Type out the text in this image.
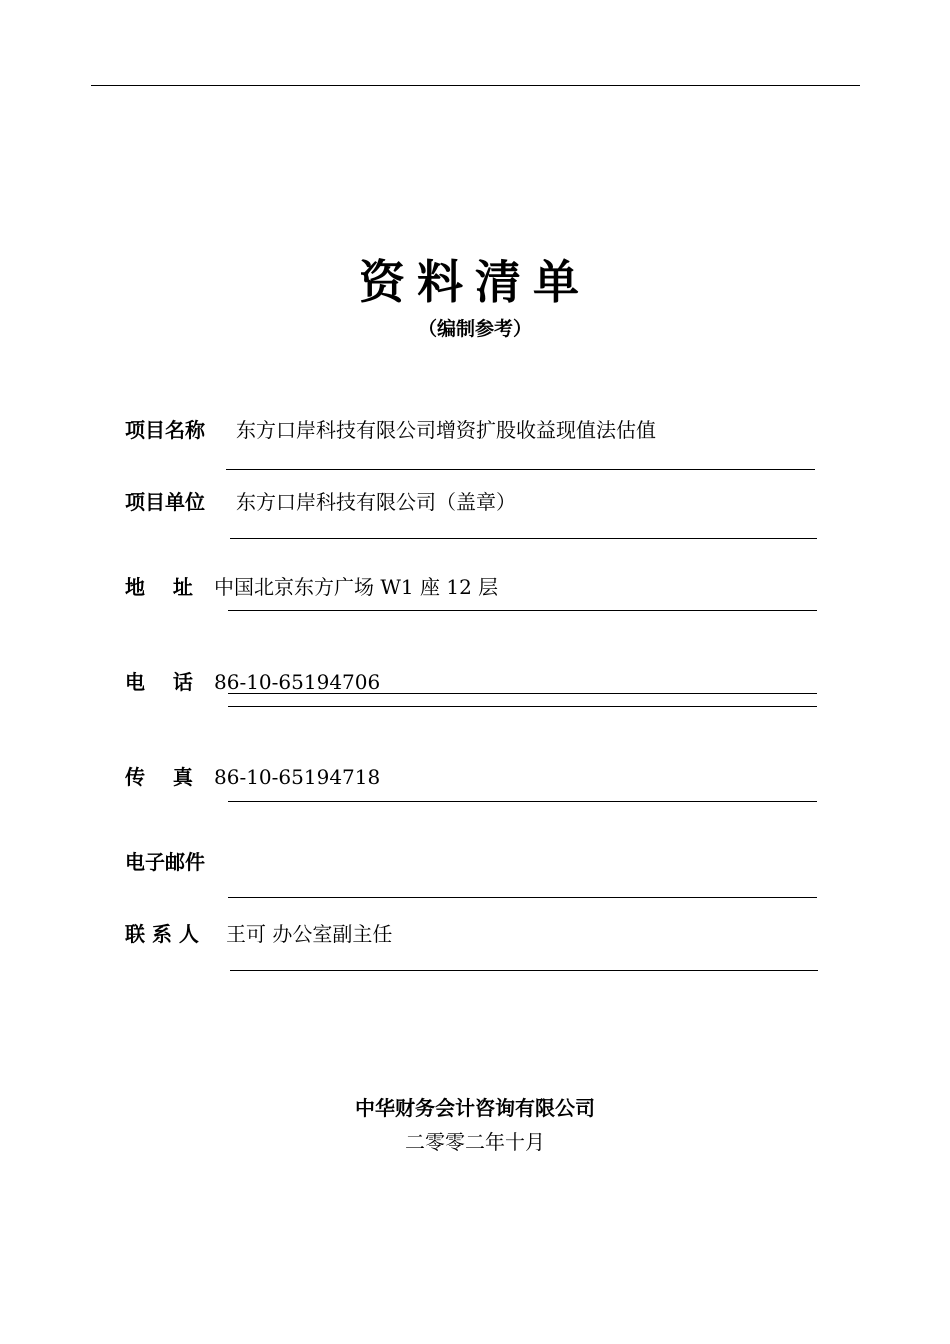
资料清单
（编制参考）
项目名称 东方口岸科技有限公司增资扩股收益现值法估值
项目单位 东方口岸科技有限公司（盖章）
地    址 中国北京东方广场 W1 座 12 层
电    话 86-10-65194706
传    真 86-10-65194718
电子邮件
联 系 人 王可 办公室副主任
中华财务会计咨询有限公司
二零零二年十月
